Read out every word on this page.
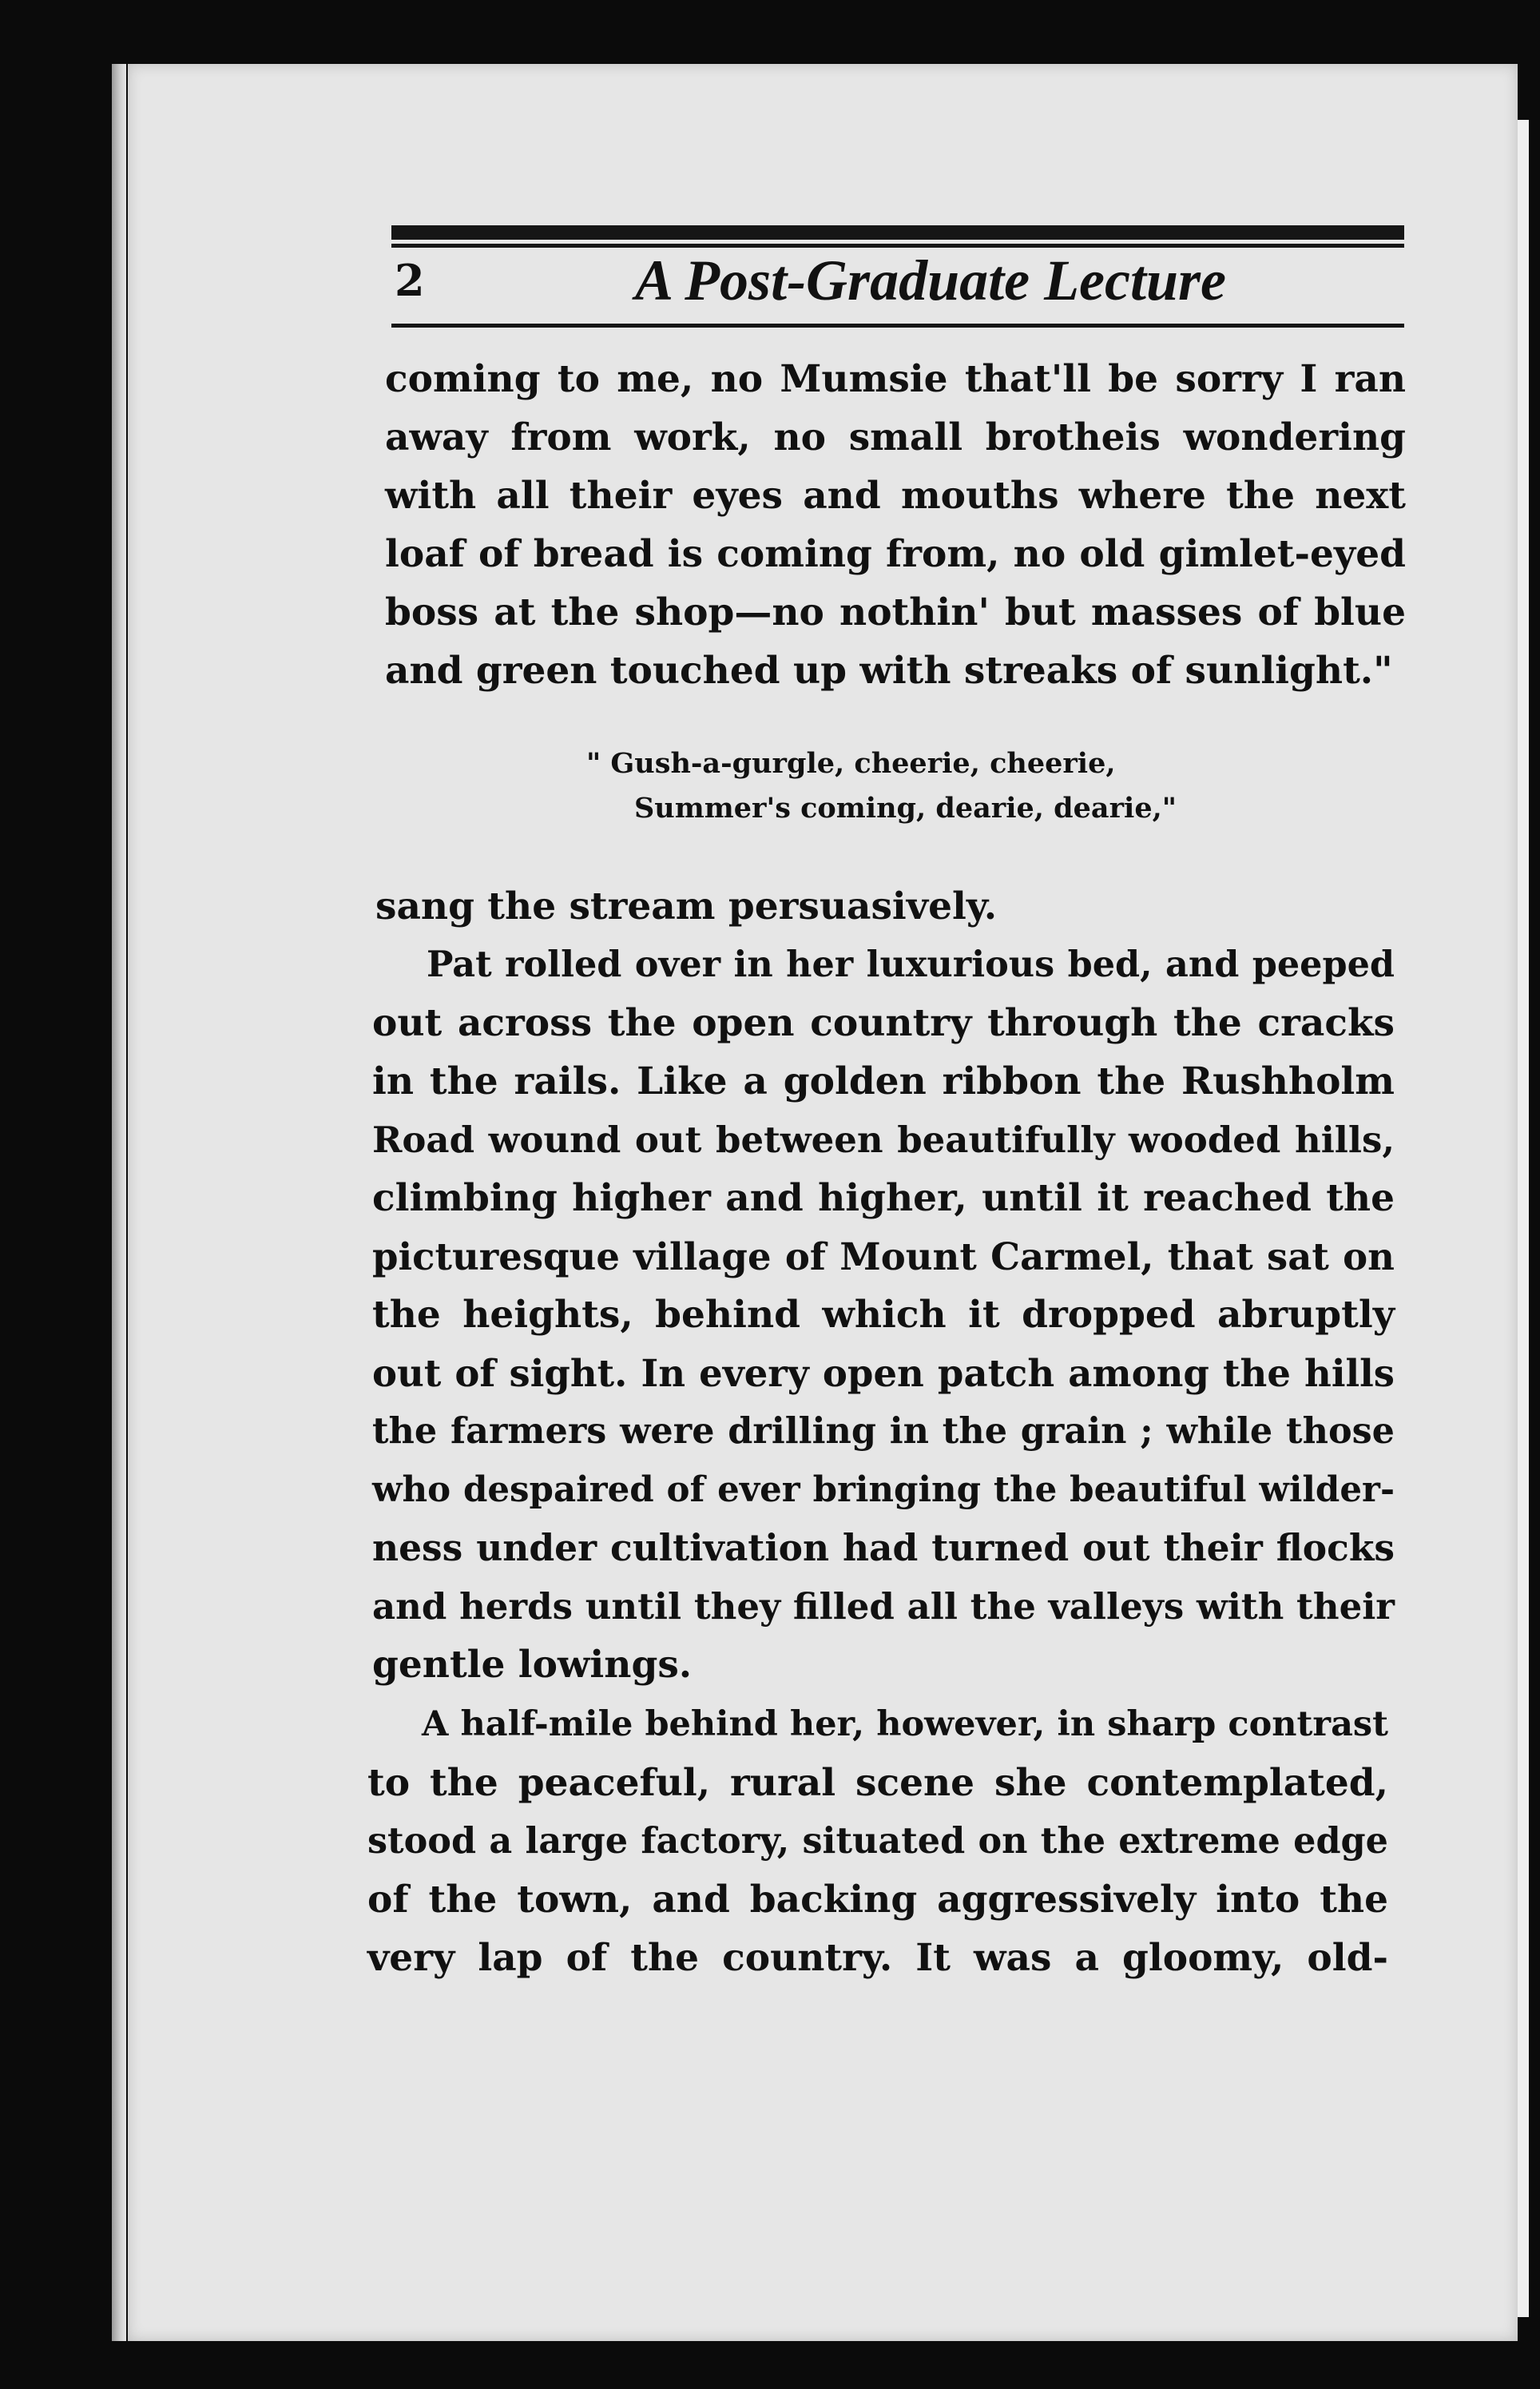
2	A Post-Graduate Lecture

coming to me, no Mumsie that'll be sorry I ran
away from work, no small brotheis wondering
with all their eyes and mouths where the next
loaf of bread is coming from, no old gimlet-eyed
boss at the shop—no nothin' but masses of blue
and green touched up with streaks of sunlight."

" Gush-a-gurgle, cheerie, cheerie,
Summer's coming, dearie, dearie,"

sang the stream persuasively.

Pat rolled over in her luxurious bed, and peeped
out across the open country through the cracks
in the rails. Like a golden ribbon the Rushholm
Road wound out between beautifully wooded hills,
climbing higher and higher, until it reached the
picturesque village of Mount Carmel, that sat on
the heights, behind which it dropped abruptly
out of sight. In every open patch among the hills
the farmers were drilling in the grain ; while those
who despaired of ever bringing the beautiful wilder-
ness under cultivation had turned out their flocks
and herds until they filled all the valleys with their
gentle lowings.

A half-mile behind her, however, in sharp contrast
to the peaceful, rural scene she contemplated,
stood a large factory, situated on the extreme edge
of the town, and backing aggressively into the
very lap of the country. It was a gloomy, old-
